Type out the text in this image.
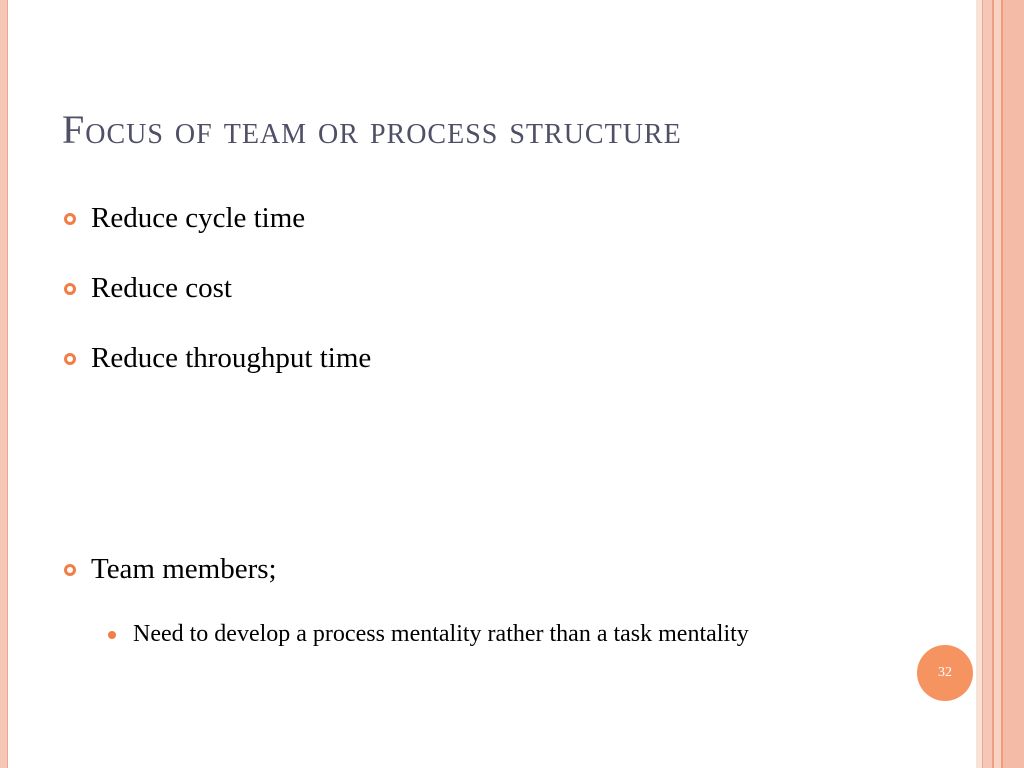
Focus of team or process structure
Reduce cycle time
Reduce cost
Reduce throughput time
Team members;
Need to develop a process mentality rather than a task mentality
32
